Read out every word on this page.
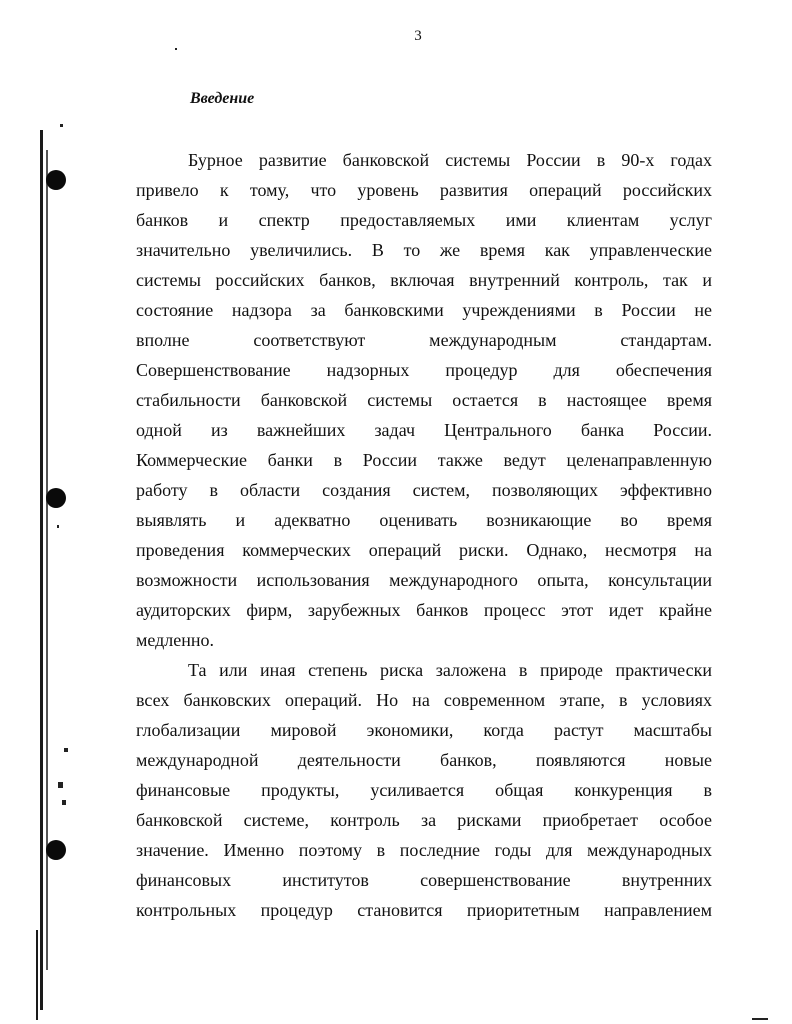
3
Введение
Бурное развитие банковской системы России в 90-х годах
привело к тому, что уровень развития операций российских
банков и спектр предоставляемых ими клиентам услуг
значительно увеличились. В то же время как управленческие
системы российских банков, включая внутренний контроль, так и
состояние надзора за банковскими учреждениями в России не
вполне соответствуют международным стандартам.
Совершенствование надзорных процедур для обеспечения
стабильности банковской системы остается в настоящее время
одной из важнейших задач Центрального банка России.
Коммерческие банки в России также ведут целенаправленную
работу в области создания систем, позволяющих эффективно
выявлять и адекватно оценивать возникающие во время
проведения коммерческих операций риски. Однако, несмотря на
возможности использования международного опыта, консультации
аудиторских фирм, зарубежных банков процесс этот идет крайне
медленно.
Та или иная степень риска заложена в природе практически
всех банковских операций. Но на современном этапе, в условиях
глобализации мировой экономики, когда растут масштабы
международной деятельности банков, появляются новые
финансовые продукты, усиливается общая конкуренция в
банковской системе, контроль за рисками приобретает особое
значение. Именно поэтому в последние годы для международных
финансовых институтов совершенствование внутренних
контрольных процедур становится приоритетным направлением
